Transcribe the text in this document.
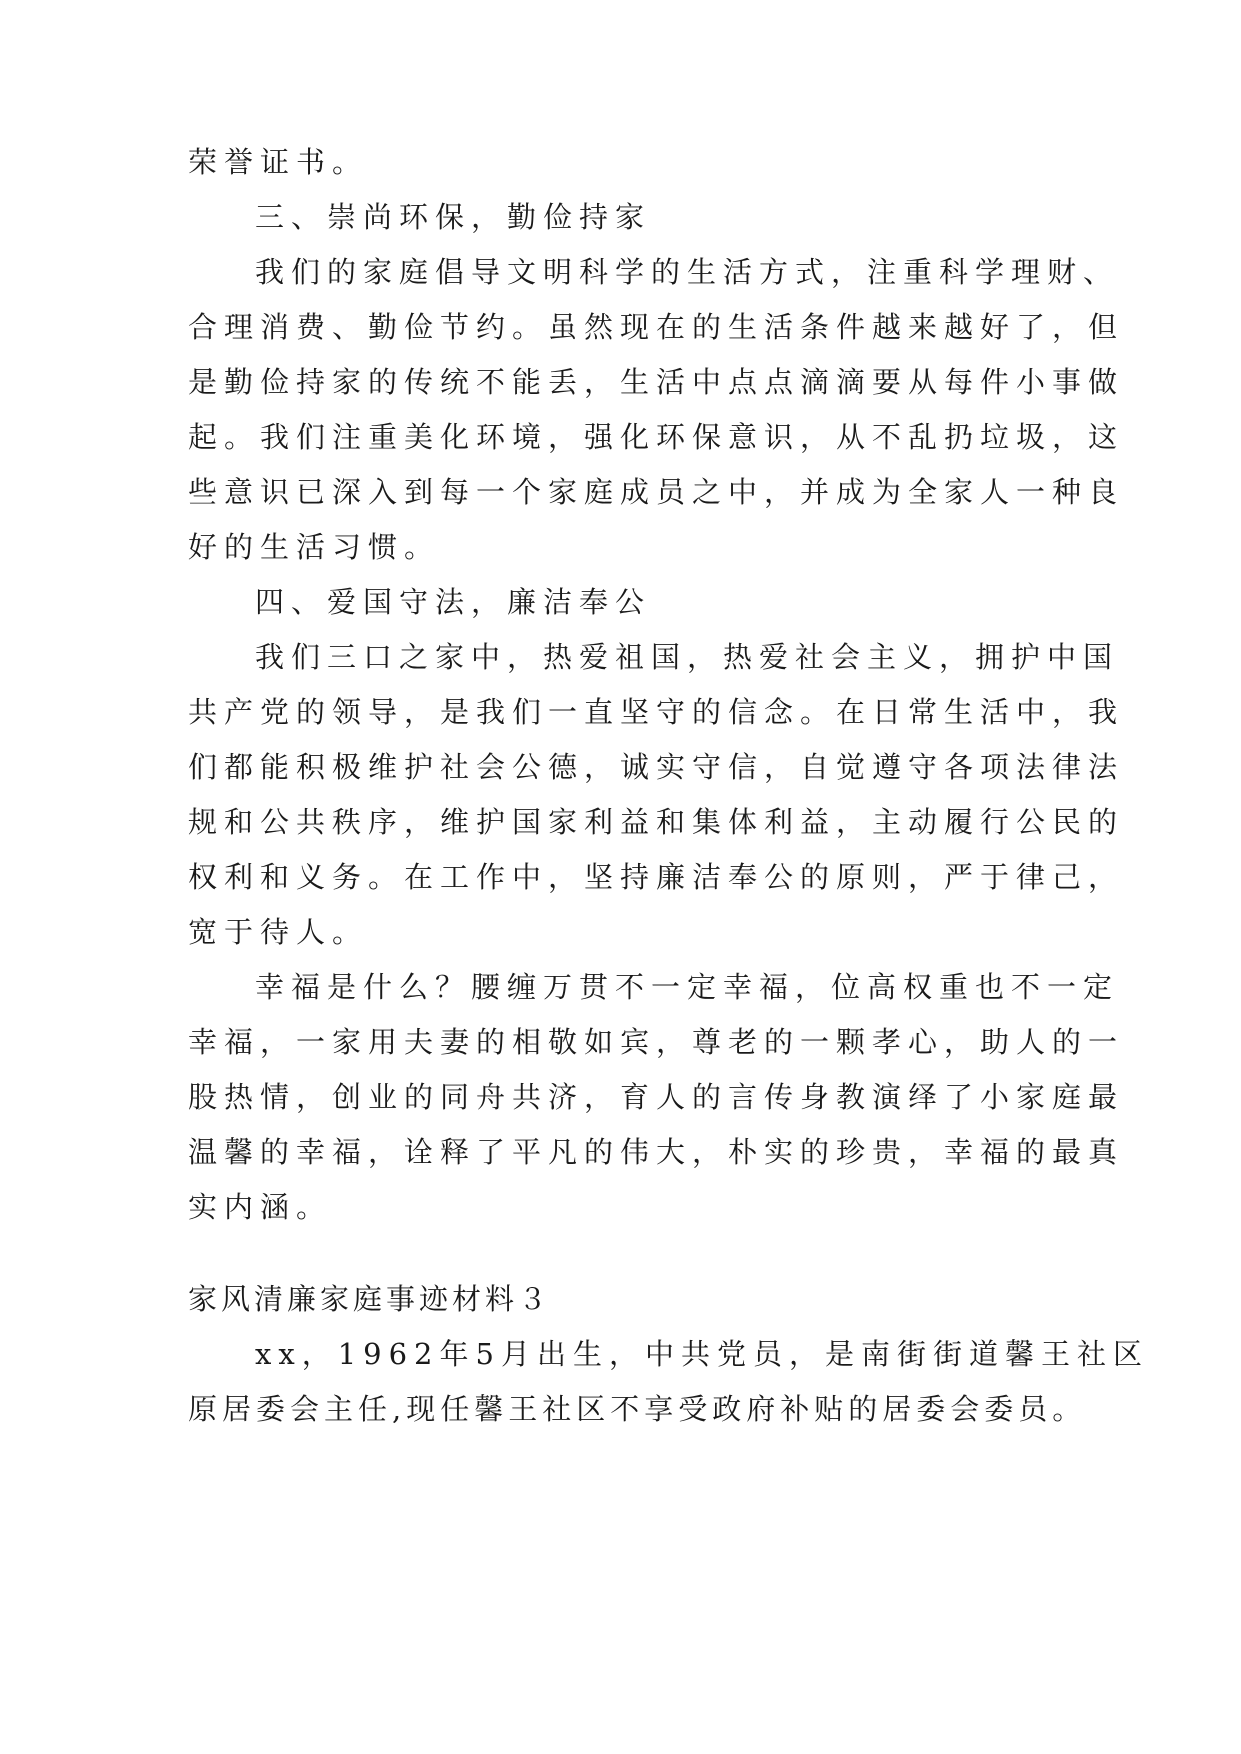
荣誉证书。
三、崇尚环保，勤俭持家
我们的家庭倡导文明科学的生活方式，注重科学理财、
合理消费、勤俭节约。虽然现在的生活条件越来越好了，但
是勤俭持家的传统不能丢，生活中点点滴滴要从每件小事做
起。我们注重美化环境，强化环保意识，从不乱扔垃圾，这
些意识已深入到每一个家庭成员之中，并成为全家人一种良
好的生活习惯。
四、爱国守法，廉洁奉公
我们三口之家中，热爱祖国，热爱社会主义，拥护中国
共产党的领导，是我们一直坚守的信念。在日常生活中，我
们都能积极维护社会公德，诚实守信，自觉遵守各项法律法
规和公共秩序，维护国家利益和集体利益，主动履行公民的
权利和义务。在工作中，坚持廉洁奉公的原则，严于律己，
宽于待人。
幸福是什么？腰缠万贯不一定幸福，位高权重也不一定
幸福，一家用夫妻的相敬如宾，尊老的一颗孝心，助人的一
股热情，创业的同舟共济，育人的言传身教演绎了小家庭最
温馨的幸福，诠释了平凡的伟大，朴实的珍贵，幸福的最真
实内涵。
家风清廉家庭事迹材料３
xx，1962年5月出生，中共党员，是南街街道馨王社区
原居委会主任,现任馨王社区不享受政府补贴的居委会委员。
